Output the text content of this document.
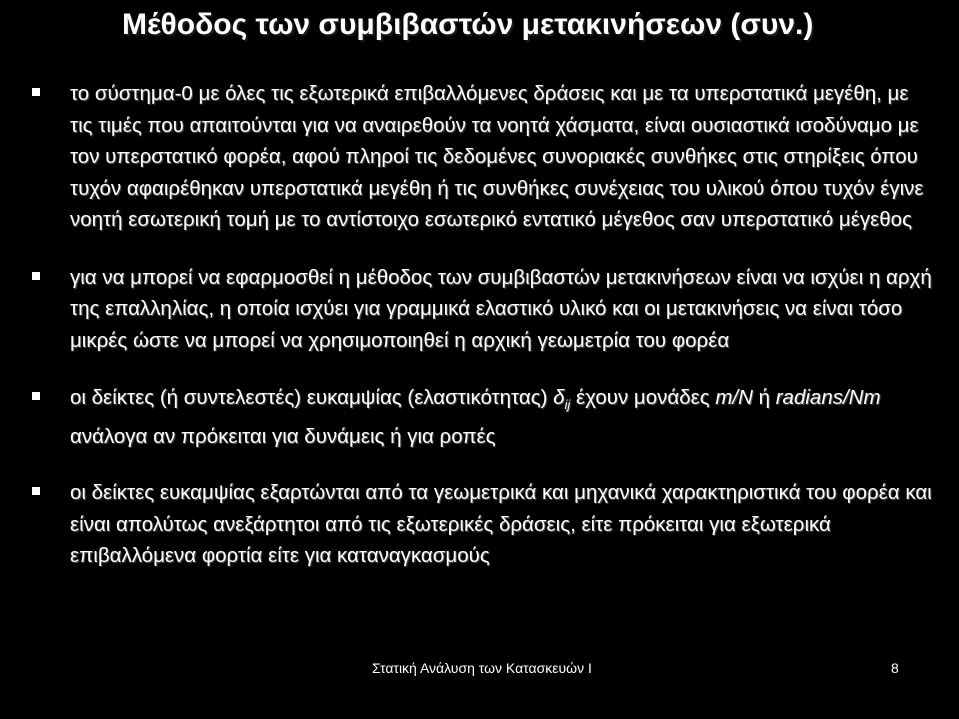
Μέθοδος των συμβιβαστών μετακινήσεων (συν.)
το σύστημα-0 με όλες τις εξωτερικά επιβαλλόμενες δράσεις και με τα υπερστατικά μεγέθη, με τις τιμές που απαιτούνται για να αναιρεθούν τα νοητά χάσματα, είναι ουσιαστικά ισοδύναμο με τον υπερστατικό φορέα, αφού πληροί τις δεδομένες συνοριακές συνθήκες στις στηρίξεις όπου τυχόν αφαιρέθηκαν υπερστατικά μεγέθη ή τις συνθήκες συνέχειας του υλικού όπου τυχόν έγινε νοητή εσωτερική τομή με το αντίστοιχο εσωτερικό εντατικό μέγεθος σαν υπερστατικό μέγεθος
για να μπορεί να εφαρμοσθεί η μέθοδος των συμβιβαστών μετακινήσεων είναι να ισχύει η αρχή της επαλληλίας, η οποία ισχύει για γραμμικά ελαστικό υλικό και οι μετακινήσεις να είναι τόσο μικρές ώστε να μπορεί να χρησιμοποιηθεί η αρχική γεωμετρία του φορέα
οι δείκτες (ή συντελεστές) ευκαμψίας (ελαστικότητας) $\delta_{ij}$ έχουν μονάδες m/N ή radians/Nm ανάλογα αν πρόκειται για δυνάμεις ή για ροπές
οι δείκτες ευκαμψίας εξαρτώνται από τα γεωμετρικά και μηχανικά χαρακτηριστικά του φορέα και είναι απολύτως ανεξάρτητοι από τις εξωτερικές δράσεις, είτε πρόκειται για εξωτερικά επιβαλλόμενα φορτία είτε για καταναγκασμούς
Στατική Ανάλυση των Κατασκευών Ι	8
